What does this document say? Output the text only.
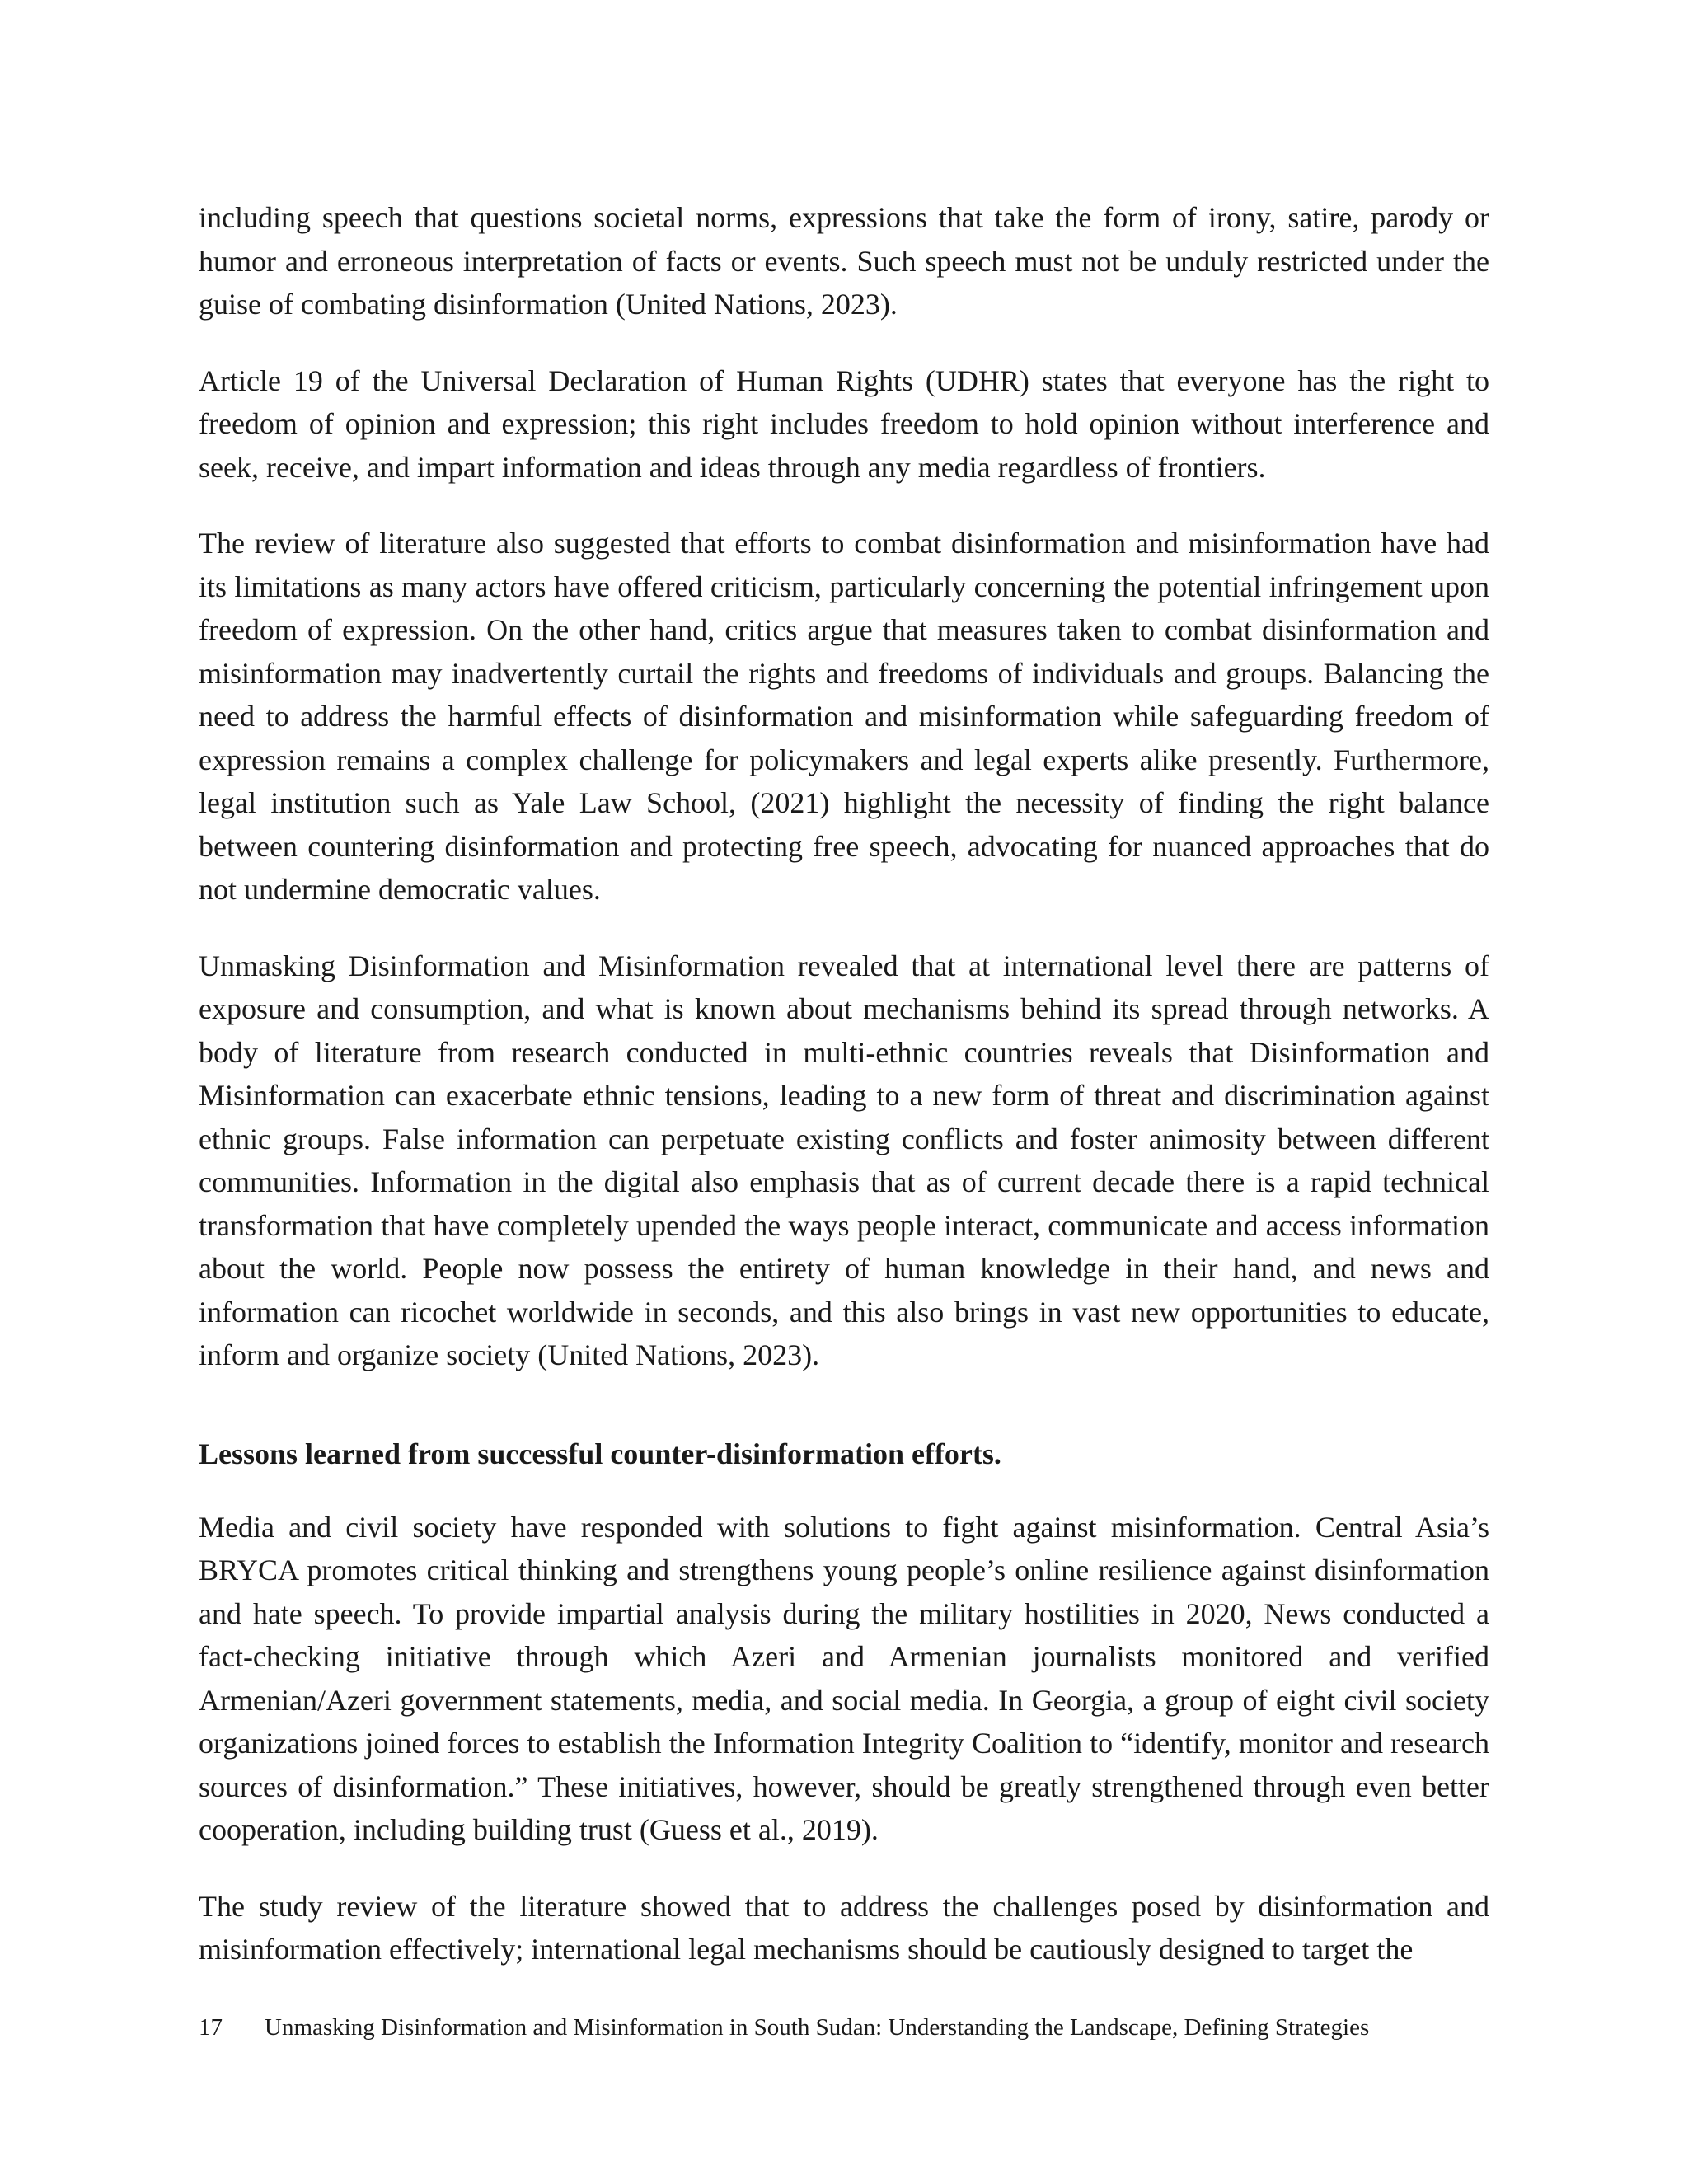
including speech that questions societal norms, expressions that take the form of irony, satire, parody or humor and erroneous interpretation of facts or events. Such speech must not be unduly restricted under the guise of combating disinformation (United Nations, 2023).

Article 19 of the Universal Declaration of Human Rights (UDHR) states that everyone has the right to freedom of opinion and expression; this right includes freedom to hold opinion without interference and seek, receive, and impart information and ideas through any media regardless of frontiers.

The review of literature also suggested that efforts to combat disinformation and misinformation have had its limitations as many actors have offered criticism, particularly concerning the potential infringement upon freedom of expression. On the other hand, critics argue that measures taken to combat disinformation and misinformation may inadvertently curtail the rights and freedoms of individuals and groups. Balancing the need to address the harmful effects of disinformation and misinformation while safeguarding freedom of expression remains a complex challenge for policymakers and legal experts alike presently. Furthermore, legal institution such as Yale Law School, (2021) highlight the necessity of finding the right balance between countering disinformation and protecting free speech, advocating for nuanced approaches that do not undermine democratic values.

Unmasking Disinformation and Misinformation revealed that at international level there are patterns of exposure and consumption, and what is known about mechanisms behind its spread through networks. A body of literature from research conducted in multi-ethnic countries reveals that Disinformation and Misinformation can exacerbate ethnic tensions, leading to a new form of threat and discrimination against ethnic groups. False information can perpetuate existing conflicts and foster animosity between different communities. Information in the digital also emphasis that as of current decade there is a rapid technical transformation that have completely upended the ways people interact, communicate and access information about the world. People now possess the entirety of human knowledge in their hand, and news and information can ricochet worldwide in seconds, and this also brings in vast new opportunities to educate, inform and organize society (United Nations, 2023).

Lessons learned from successful counter-disinformation efforts.

Media and civil society have responded with solutions to fight against misinformation. Central Asia’s BRYCA promotes critical thinking and strengthens young people’s online resilience against disinformation and hate speech. To provide impartial analysis during the military hostilities in 2020, News conducted a fact-checking initiative through which Azeri and Armenian journalists monitored and verified Armenian/Azeri government statements, media, and social media. In Georgia, a group of eight civil society organizations joined forces to establish the Information Integrity Coalition to “identify, monitor and research sources of disinformation.” These initiatives, however, should be greatly strengthened through even better cooperation, including building trust (Guess et al., 2019).

The study review of the literature showed that to address the challenges posed by disinformation and misinformation effectively; international legal mechanisms should be cautiously designed to target the

17	Unmasking Disinformation and Misinformation in South Sudan: Understanding the Landscape, Defining Strategies
